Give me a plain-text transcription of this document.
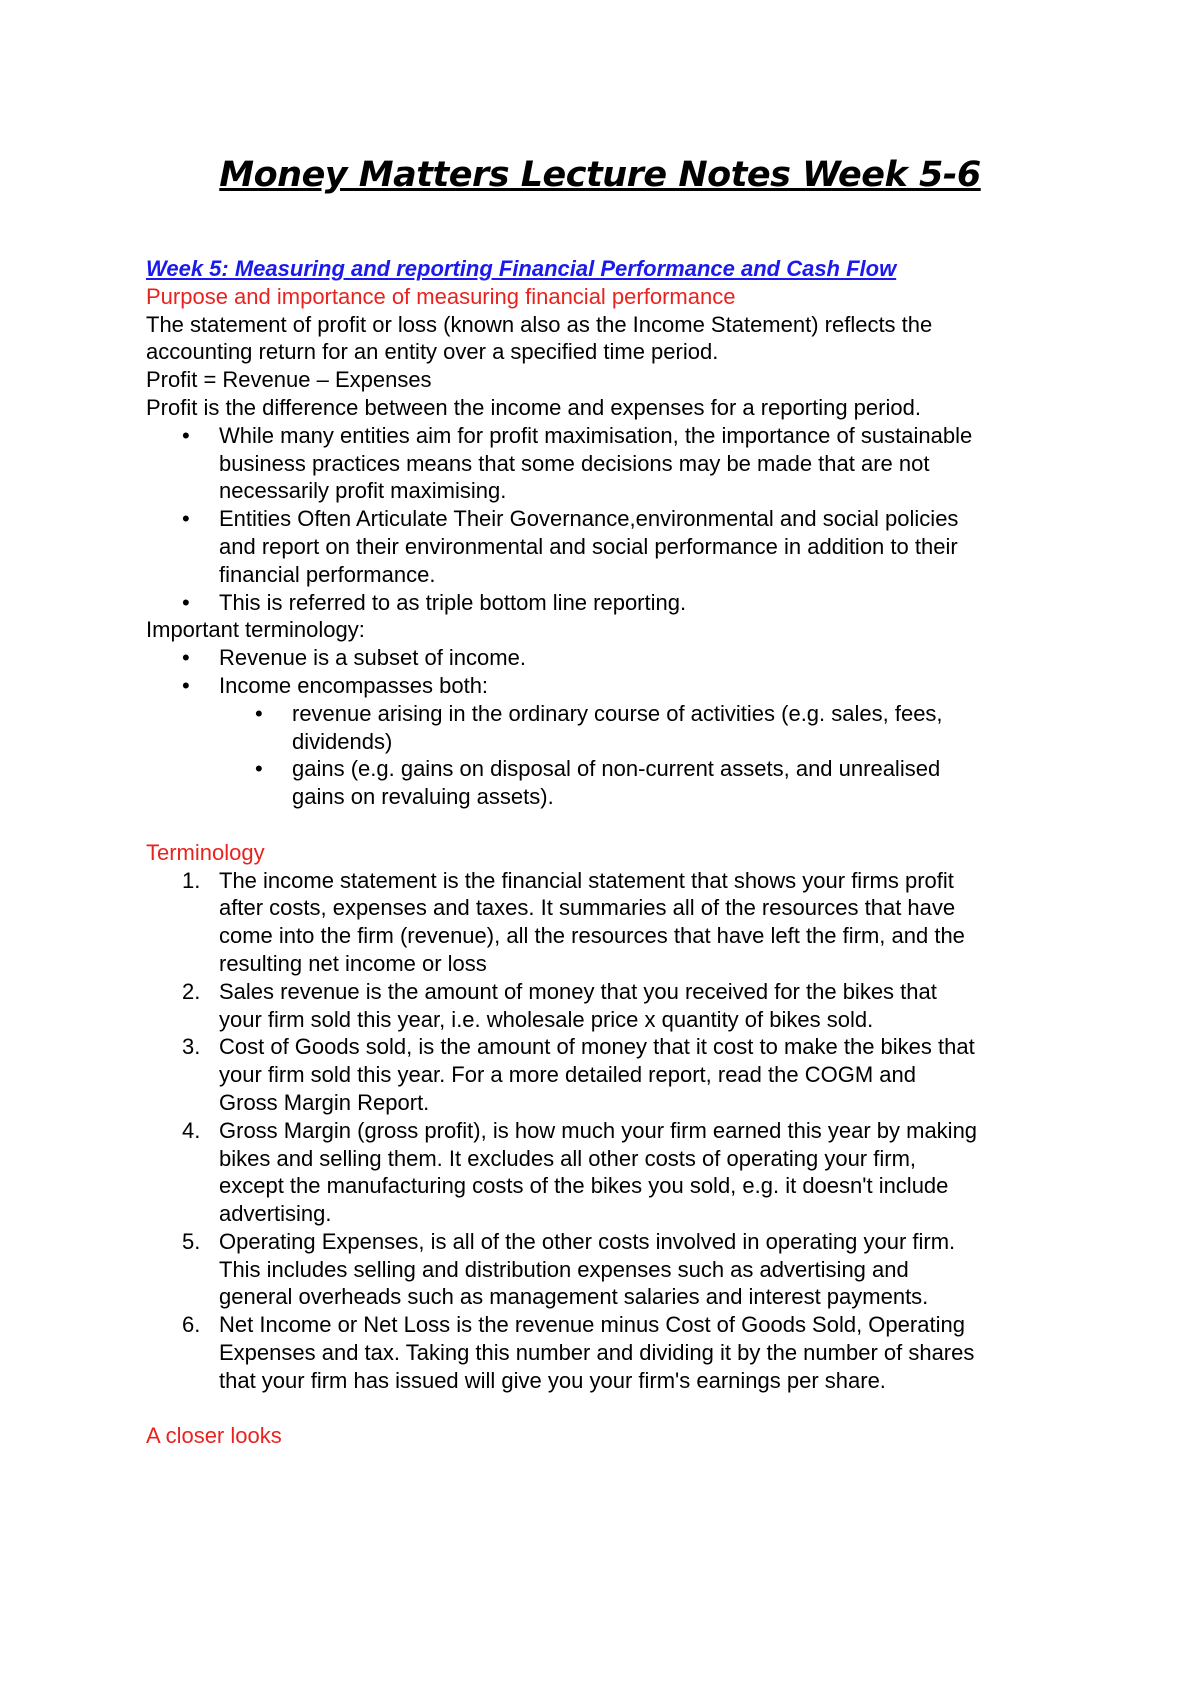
Money Matters Lecture Notes Week 5-6

Week 5: Measuring and reporting Financial Performance and Cash Flow

Purpose and importance of measuring financial performance

The statement of profit or loss (known also as the Income Statement) reflects the

accounting return for an entity over a specified time period.

Profit = Revenue – Expenses

Profit is the difference between the income and expenses for a reporting period.

• While many entities aim for profit maximisation, the importance of sustainable

business practices means that some decisions may be made that are not

necessarily profit maximising.

• Entities Often Articulate Their Governance,environmental and social policies

and report on their environmental and social performance in addition to their

financial performance.

• This is referred to as triple bottom line reporting.

Important terminology:

• Revenue is a subset of income.

• Income encompasses both:

• revenue arising in the ordinary course of activities (e.g. sales, fees,

dividends)

• gains (e.g. gains on disposal of non-current assets, and unrealised

gains on revaluing assets).

Terminology

1. The income statement is the financial statement that shows your firms profit

after costs, expenses and taxes. It summaries all of the resources that have

come into the firm (revenue), all the resources that have left the firm, and the

resulting net income or loss

2. Sales revenue is the amount of money that you received for the bikes that

your firm sold this year, i.e. wholesale price x quantity of bikes sold.

3. Cost of Goods sold, is the amount of money that it cost to make the bikes that

your firm sold this year. For a more detailed report, read the COGM and

Gross Margin Report.

4. Gross Margin (gross profit), is how much your firm earned this year by making

bikes and selling them. It excludes all other costs of operating your firm,

except the manufacturing costs of the bikes you sold, e.g. it doesn't include

advertising.

5. Operating Expenses, is all of the other costs involved in operating your firm.

This includes selling and distribution expenses such as advertising and

general overheads such as management salaries and interest payments.

6. Net Income or Net Loss is the revenue minus Cost of Goods Sold, Operating

Expenses and tax. Taking this number and dividing it by the number of shares

that your firm has issued will give you your firm's earnings per share.

A closer looks
